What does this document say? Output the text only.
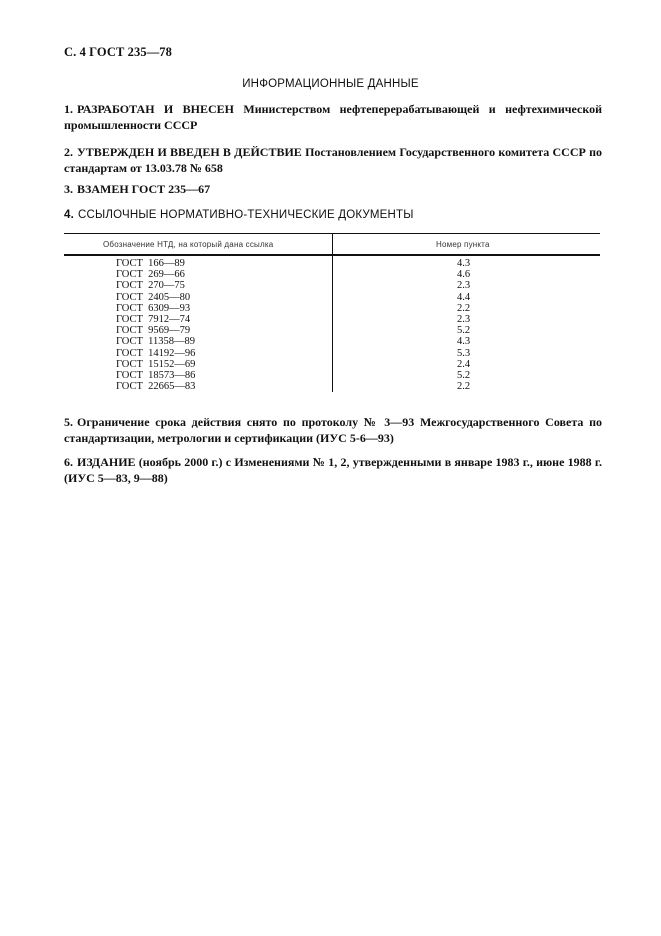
С. 4 ГОСТ 235—78
ИНФОРМАЦИОННЫЕ ДАННЫЕ
1. РАЗРАБОТАН И ВНЕСЕН Министерством нефтеперерабатывающей и нефтехимической промышленности СССР
2. УТВЕРЖДЕН И ВВЕДЕН В ДЕЙСТВИЕ Постановлением Государственного комитета СССР по стандартам от 13.03.78 № 658
3. ВЗАМЕН ГОСТ 235—67
4. ССЫЛОЧНЫЕ НОРМАТИВНО-ТЕХНИЧЕСКИЕ ДОКУМЕНТЫ
Обозначение НТД, на который дана ссылка	Номер пункта
ГОСТ  166—89	4.3
ГОСТ  269—66	4.6
ГОСТ  270—75	2.3
ГОСТ  2405—80	4.4
ГОСТ  6309—93	2.2
ГОСТ  7912—74	2.3
ГОСТ  9569—79	5.2
ГОСТ  11358—89	4.3
ГОСТ  14192—96	5.3
ГОСТ  15152—69	2.4
ГОСТ  18573—86	5.2
ГОСТ  22665—83	2.2
5. Ограничение срока действия снято по протоколу № 3—93 Межгосударственного Совета по стандартизации, метрологии и сертификации (ИУС 5-6—93)
6. ИЗДАНИЕ (ноябрь 2000 г.) с Изменениями № 1, 2, утвержденными в январе 1983 г., июне 1988 г. (ИУС 5—83, 9—88)
